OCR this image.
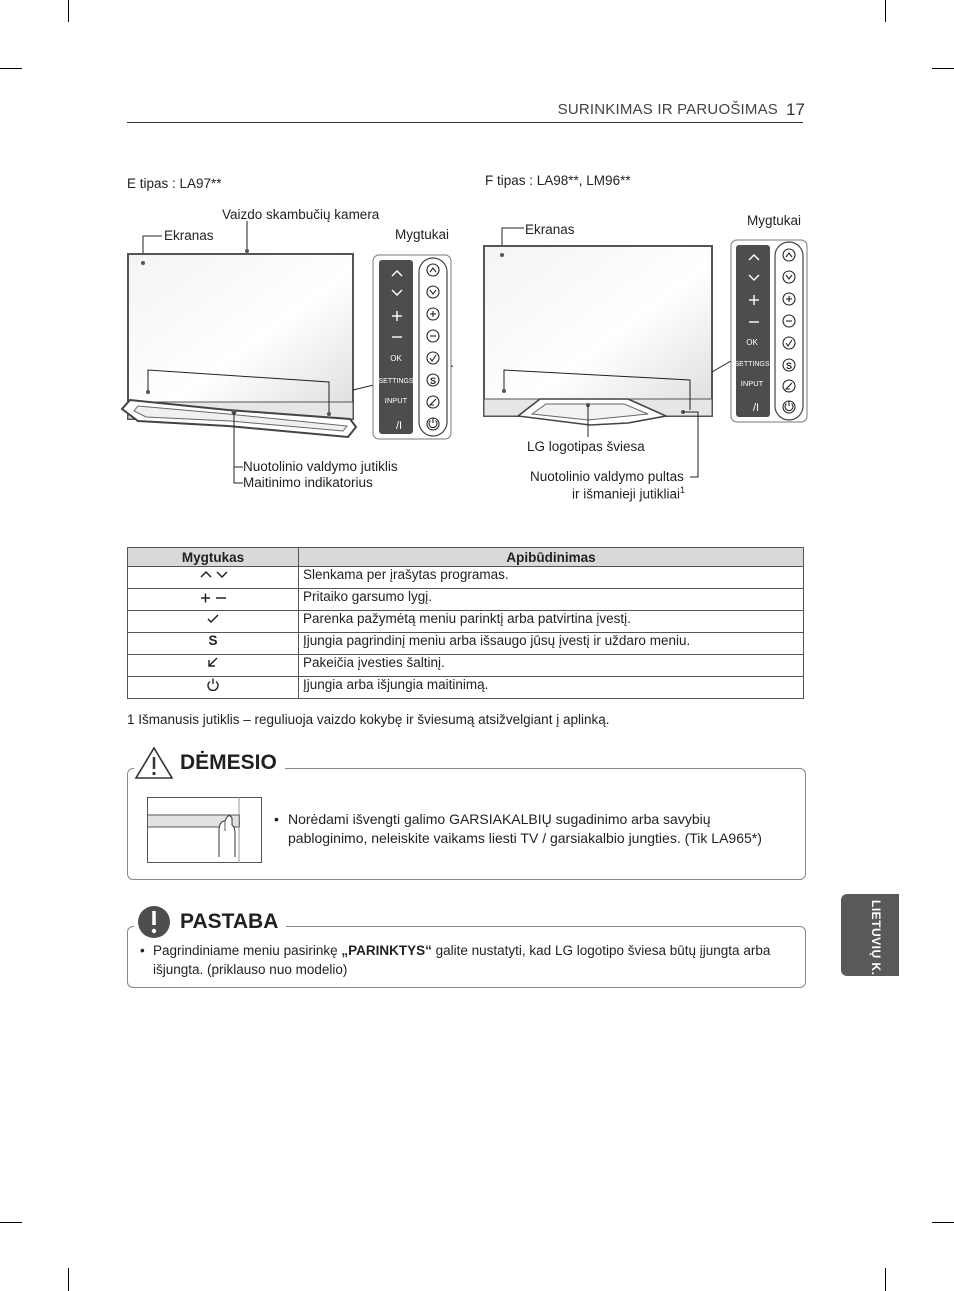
SURINKIMAS IR PARUOŠIMAS 17
E tipas : LA97**
Vaizdo skambučių kamera
Ekranas	Mygtukai
Nuotolinio valdymo jutiklis
Maitinimo indikatorius
OK
SETTINGS
INPUT
/I
S
F tipas : LA98**, LM96**
Ekranas
Mygtukai
LG logotipas šviesa
Nuotolinio valdymo pultas
ir išmanieji jutikliai$^1$
OK
SETTINGS
INPUT
/I
S
Mygtukas	Apibūdinimas
	Slenkama per įrašytas programas.
	Pritaiko garsumo lygį.
	Parenka pažymėtą meniu parinktį arba patvirtina įvestį.
S	Įjungia pagrindinį meniu arba išsaugo jūsų įvestį ir uždaro meniu.
	Pakeičia įvesties šaltinį.
	Įjungia arba išjungia maitinimą.
1 Išmanusis jutiklis – reguliuoja vaizdo kokybę ir šviesumą atsižvelgiant į aplinką.
DĖMESIO
• Norėdami išvengti galimo GARSIAKALBIŲ sugadinimo arba savybių
pabloginimo, neleiskite vaikams liesti TV / garsiakalbio jungties. (Tik LA965*)
PASTABA
• Pagrindiniame meniu pasirinkę „PARINKTYS“ galite nustatyti, kad LG logotipo šviesa būtų įjungta arba
išjungta. (priklauso nuo modelio)	LIETUVIŲ K.
